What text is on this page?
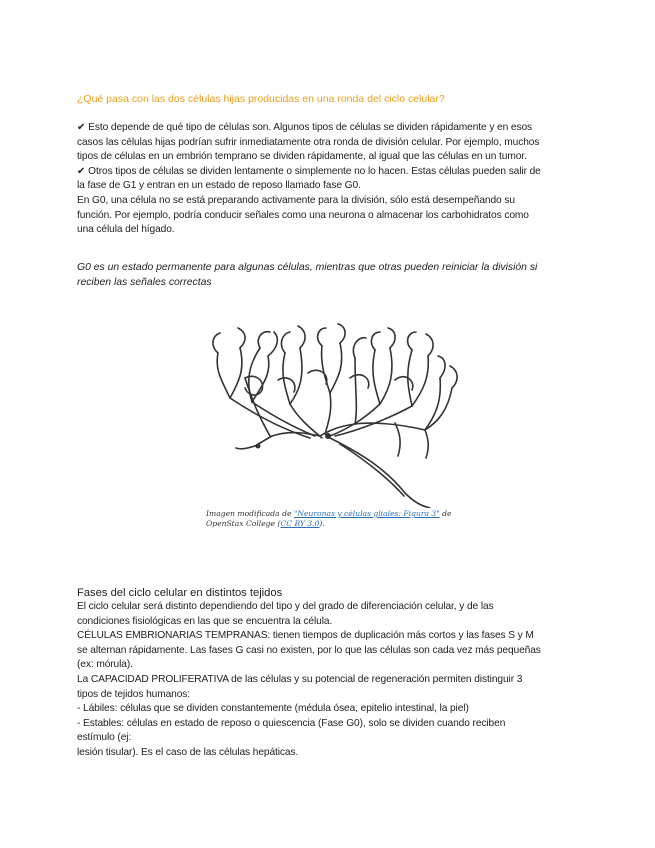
¿Qué pasa con las dos células hijas producidas en una ronda del ciclo celular?

✔ Esto depende de qué tipo de células son. Algunos tipos de células se dividen rápidamente y en esos

casos las células hijas podrían sufrir inmediatamente otra ronda de división celular. Por ejemplo, muchos

tipos de células en un embrión temprano se dividen rápidamente, al igual que las células en un tumor.

✔ Otros tipos de células se dividen lentamente o simplemente no lo hacen. Estas células pueden salir de

la fase de G1 y entran en un estado de reposo llamado fase G0.

En G0, una célula no se está preparando activamente para la división, sólo está desempeñando su

función. Por ejemplo, podría conducir señales como una neurona o almacenar los carbohidratos como

una célula del hígado.

G0 es un estado permanente para algunas células, mientras que otras pueden reiniciar la división si
reciben las señales correctas
Imagen modificada de "Neuronas y células gliales: Figura 3" de OpenStax College (CC BY 3.0).

Fases del ciclo celular en distintos tejidos

El ciclo celular será distinto dependiendo del tipo y del grado de diferenciación celular, y de las

condiciones fisiológicas en las que se encuentra la célula.

CÉLULAS EMBRIONARIAS TEMPRANAS: tienen tiempos de duplicación más cortos y las fases S y M

se alternan rápidamente. Las fases G casi no existen, por lo que las células son cada vez más pequeñas

(ex: mórula).

La CAPACIDAD PROLIFERATIVA de las células y su potencial de regeneración permiten distinguir 3

tipos de tejidos humanos:

- Lábiles: células que se dividen constantemente (médula ósea, epitelio intestinal, la piel)

- Estables: células en estado de reposo o quiescencia (Fase G0), solo se dividen cuando reciben

estímulo (ej:

lesión tisular). Es el caso de las células hepáticas.
